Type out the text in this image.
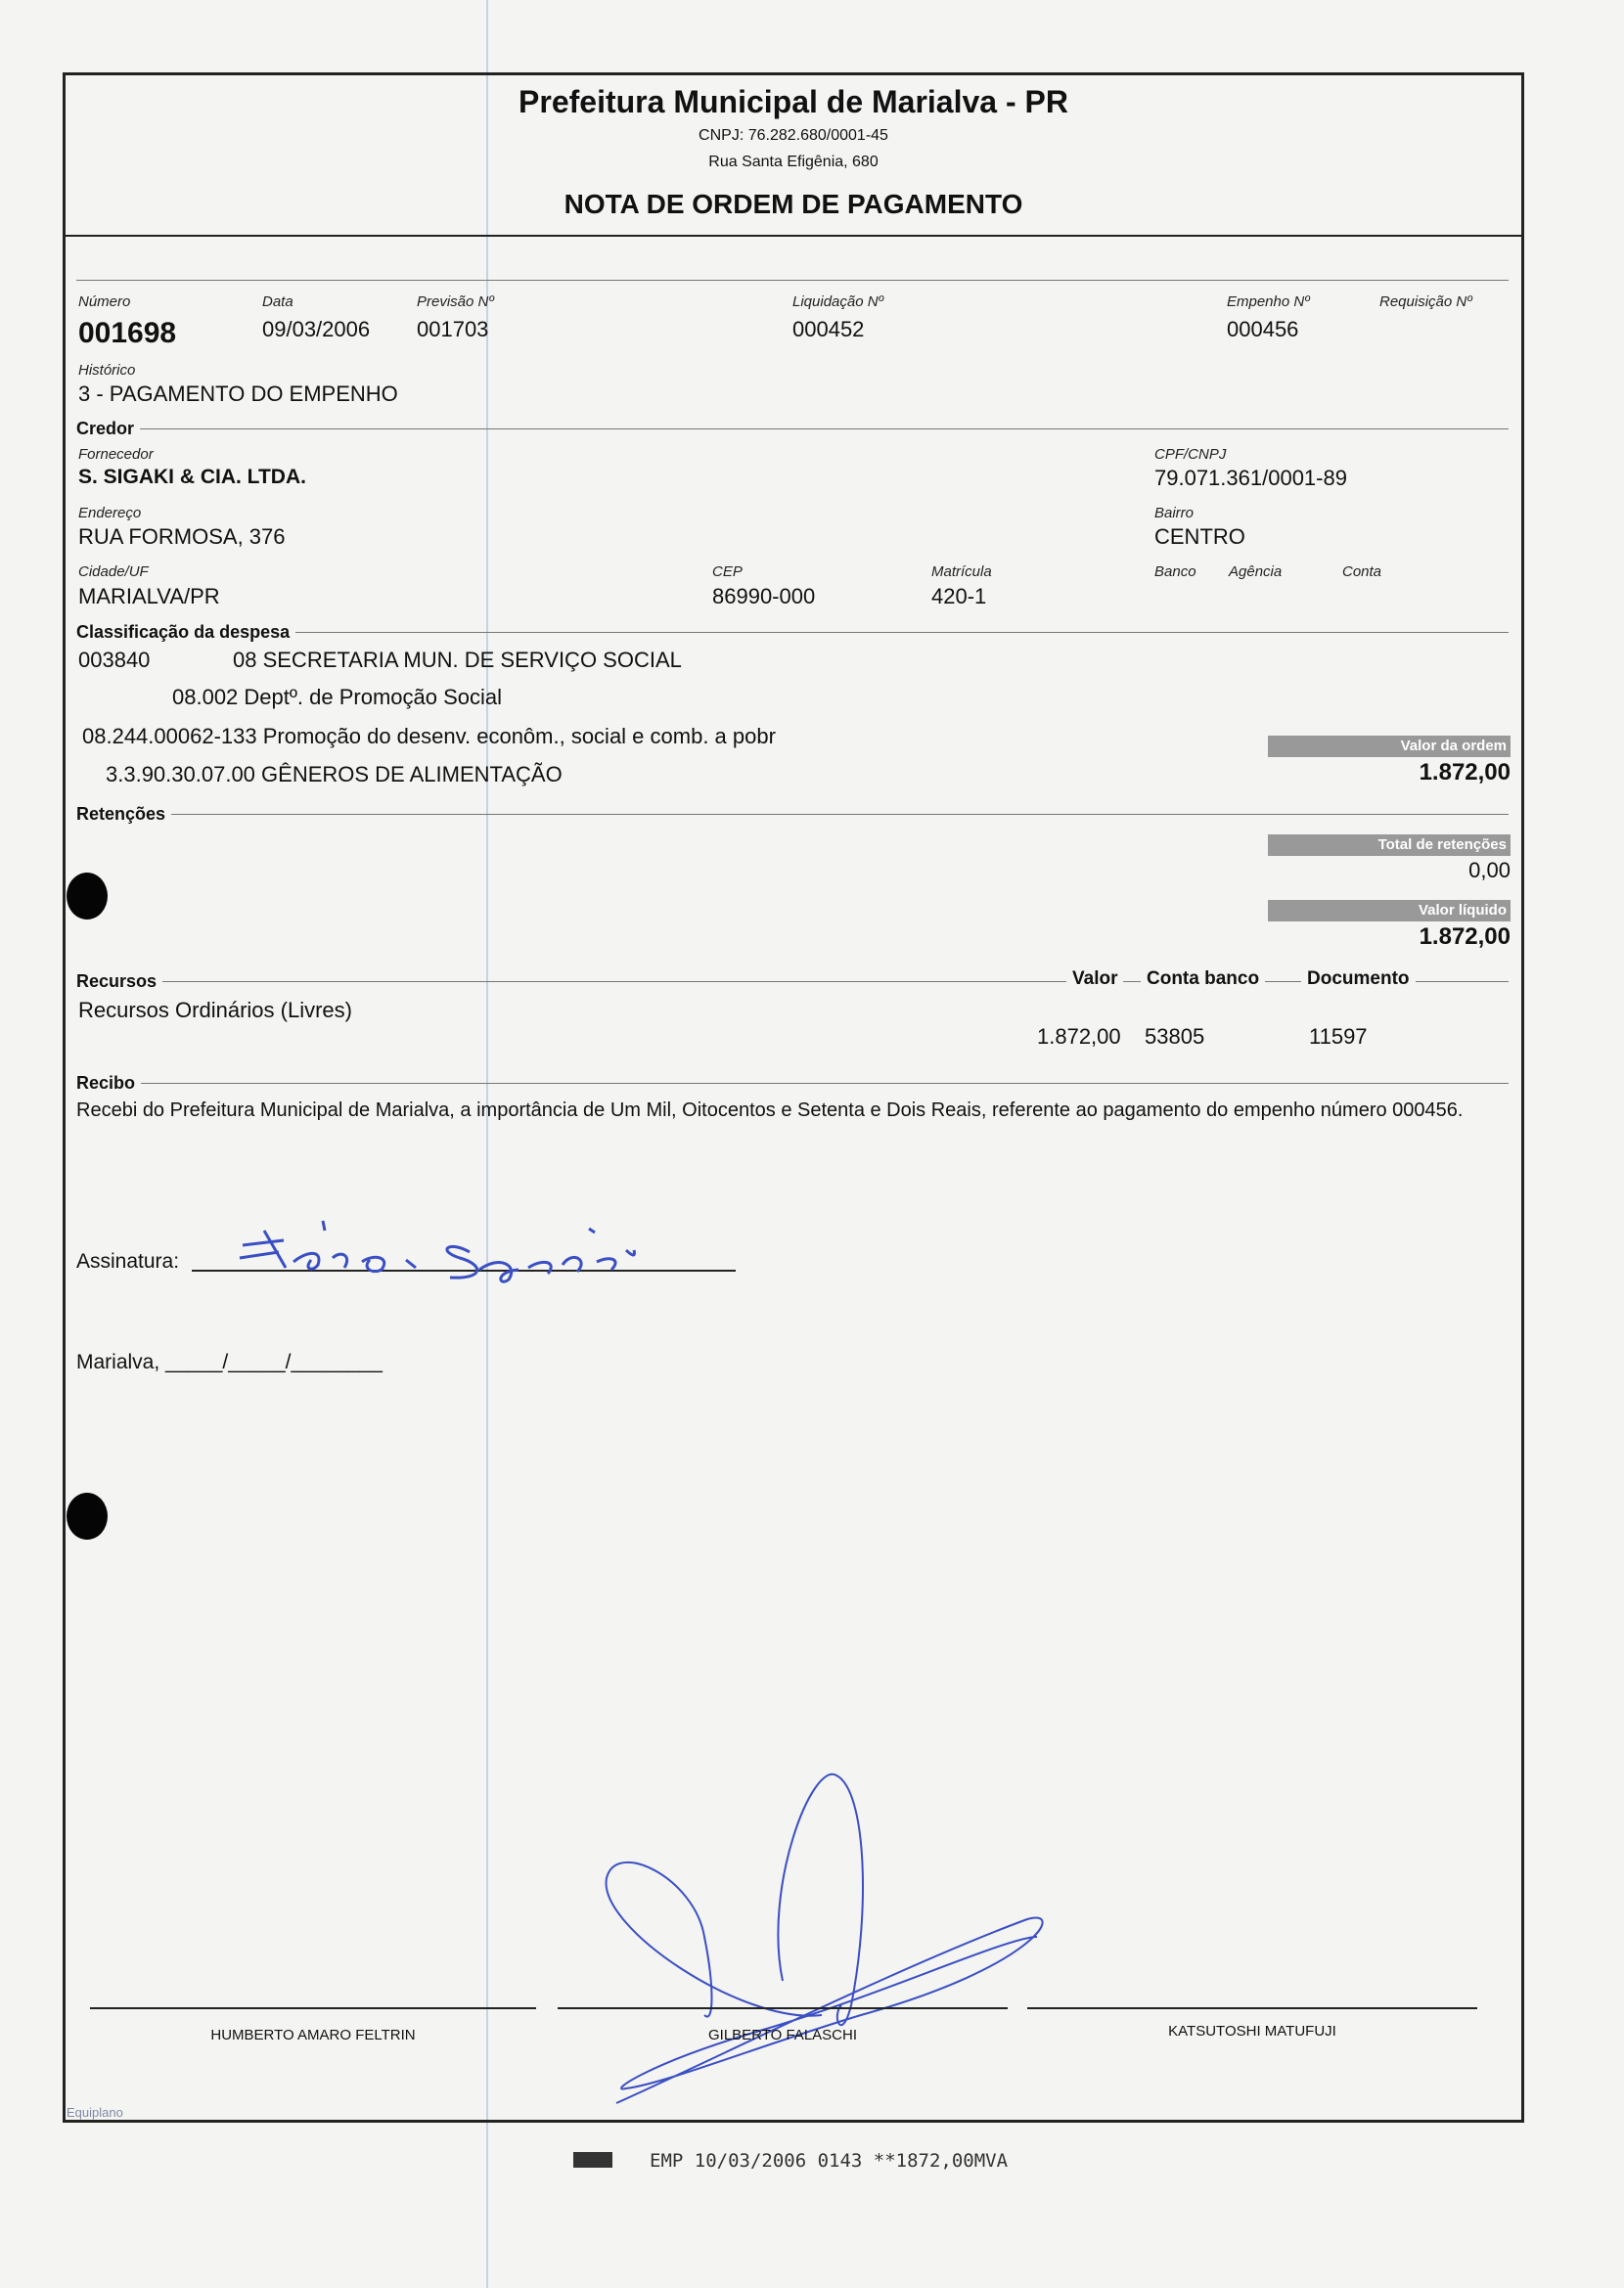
Prefeitura Municipal de Marialva - PR
CNPJ: 76.282.680/0001-45
Rua Santa Efigênia, 680
NOTA DE ORDEM DE PAGAMENTO
Número
001698
Data
09/03/2006
Previsão Nº
001703
Liquidação Nº
000452
Empenho Nº
000456
Requisição Nº
Histórico
3 - PAGAMENTO DO EMPENHO
Credor
Fornecedor
S. SIGAKI & CIA. LTDA.
CPF/CNPJ
79.071.361/0001-89
Endereço
RUA FORMOSA, 376
Bairro
CENTRO
Cidade/UF
MARIALVA/PR
CEP
86990-000
Matrícula
420-1
Banco Agência	Conta
Classificação da despesa
003840	08 SECRETARIA MUN. DE SERVIÇO SOCIAL
08.002 Deptº. de Promoção Social
08.244.00062-133 Promoção do desenv. econôm., social e comb. a pobr
3.3.90.30.07.00 GÊNEROS DE ALIMENTAÇÃO
Valor da ordem
1.872,00
Retenções
Total de retenções
0,00
Valor líquido
1.872,00
Recursos	Valor	Conta banco	Documento
Recursos Ordinários (Livres)
1.872,00 53805	11597
Recibo
Recebi do Prefeitura Municipal de Marialva, a importância de Um Mil, Oitocentos e Setenta e Dois Reais, referente ao pagamento do empenho número 000456.
Assinatura:
Marialva, _____/_____/________
HUMBERTO AMARO FELTRIN	GILBERTO FALASCHI	KATSUTOSHI MATUFUJI
Equiplano
EMP 10/03/2006 0143 **1872,00MVA
